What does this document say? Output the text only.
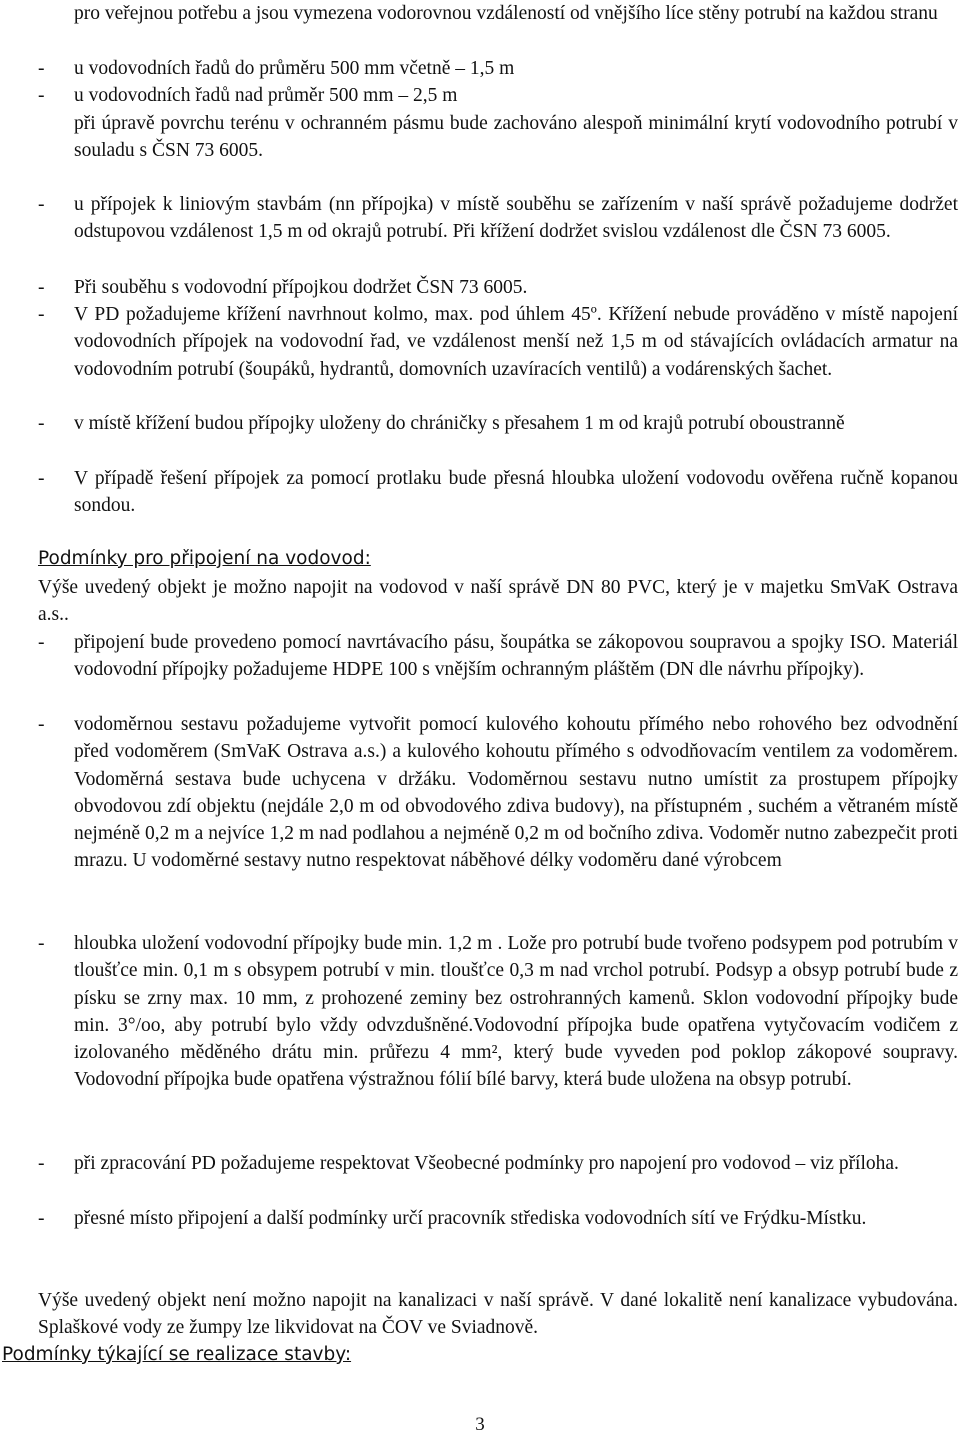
pro veřejnou potřebu a jsou vymezena vodorovnou vzdáleností od vnějšího líce stěny potrubí na každou stranu

- u vodovodních řadů do průměru 500 mm včetně – 1,5 m
- u vodovodních řadů nad průměr 500 mm – 2,5 m

při úpravě povrchu terénu v ochranném pásmu bude zachováno alespoň minimální krytí vodovodního potrubí v souladu s ČSN 73 6005.

- u přípojek k liniovým stavbám (nn přípojka) v místě souběhu se zařízením v naší správě požadujeme dodržet odstupovou vzdálenost 1,5 m od okrajů potrubí. Při křížení dodržet svislou vzdálenost dle ČSN 73 6005.
- Při souběhu s vodovodní přípojkou dodržet ČSN 73 6005.
- V PD požadujeme křížení navrhnout kolmo, max. pod úhlem 45º. Křížení nebude prováděno v místě napojení vodovodních přípojek na vodovodní řad, ve vzdálenost menší než 1,5 m od stávajících ovládacích armatur na vodovodním potrubí (šoupáků, hydrantů, domovních uzavíracích ventilů) a vodárenských šachet.
- v místě křížení budou přípojky uloženy do chráničky s přesahem 1 m od krajů potrubí oboustranně
- V případě řešení přípojek za pomocí protlaku bude přesná hloubka uložení vodovodu ověřena ručně kopanou sondou.

Podmínky pro připojení na vodovod:

Výše uvedený objekt je možno napojit na vodovod v naší správě DN 80 PVC, který je v majetku SmVaK Ostrava a.s..

- připojení bude provedeno pomocí navrtávacího pásu, šoupátka se zákopovou soupravou a spojky ISO. Materiál vodovodní přípojky požadujeme HDPE 100 s vnějším ochranným pláštěm (DN dle návrhu přípojky).
- vodoměrnou sestavu požadujeme vytvořit pomocí kulového kohoutu přímého nebo rohového bez odvodnění před vodoměrem (SmVaK Ostrava a.s.) a kulového kohoutu přímého s odvodňovacím ventilem za vodoměrem. Vodoměrná sestava bude uchycena v držáku. Vodoměrnou sestavu nutno umístit za prostupem přípojky obvodovou zdí objektu (nejdále 2,0 m od obvodového zdiva budovy), na přístupném , suchém a větraném místě nejméně 0,2 m a nejvíce 1,2 m nad podlahou a nejméně 0,2 m od bočního zdiva. Vodoměr nutno zabezpečit proti mrazu. U vodoměrné sestavy nutno respektovat náběhové délky vodoměru dané výrobcem
- hloubka uložení vodovodní přípojky bude min. 1,2 m . Lože pro potrubí bude tvořeno podsypem pod potrubím v tloušťce min. 0,1 m s obsypem potrubí v min. tloušťce 0,3 m nad vrchol potrubí. Podsyp a obsyp potrubí bude z písku se zrny max. 10 mm, z prohozené zeminy bez ostrohranných kamenů. Sklon vodovodní přípojky bude min. 3°/oo, aby potrubí bylo vždy odvzdušněné.Vodovodní přípojka bude opatřena vytyčovacím vodičem z izolovaného měděného drátu min. průřezu 4 mm², který bude vyveden pod poklop zákopové soupravy. Vodovodní přípojka bude opatřena výstražnou fólií bílé barvy, která bude uložena na obsyp potrubí.
- při zpracování PD požadujeme respektovat Všeobecné podmínky pro napojení pro vodovod – viz příloha.
- přesné místo připojení a další podmínky určí pracovník střediska vodovodních sítí ve Frýdku-Místku.

Výše uvedený objekt není možno napojit na kanalizaci v naší správě. V dané lokalitě není kanalizace vybudována. Splaškové vody ze žumpy lze likvidovat na ČOV ve Sviadnově.

Podmínky týkající se realizace stavby:

3
